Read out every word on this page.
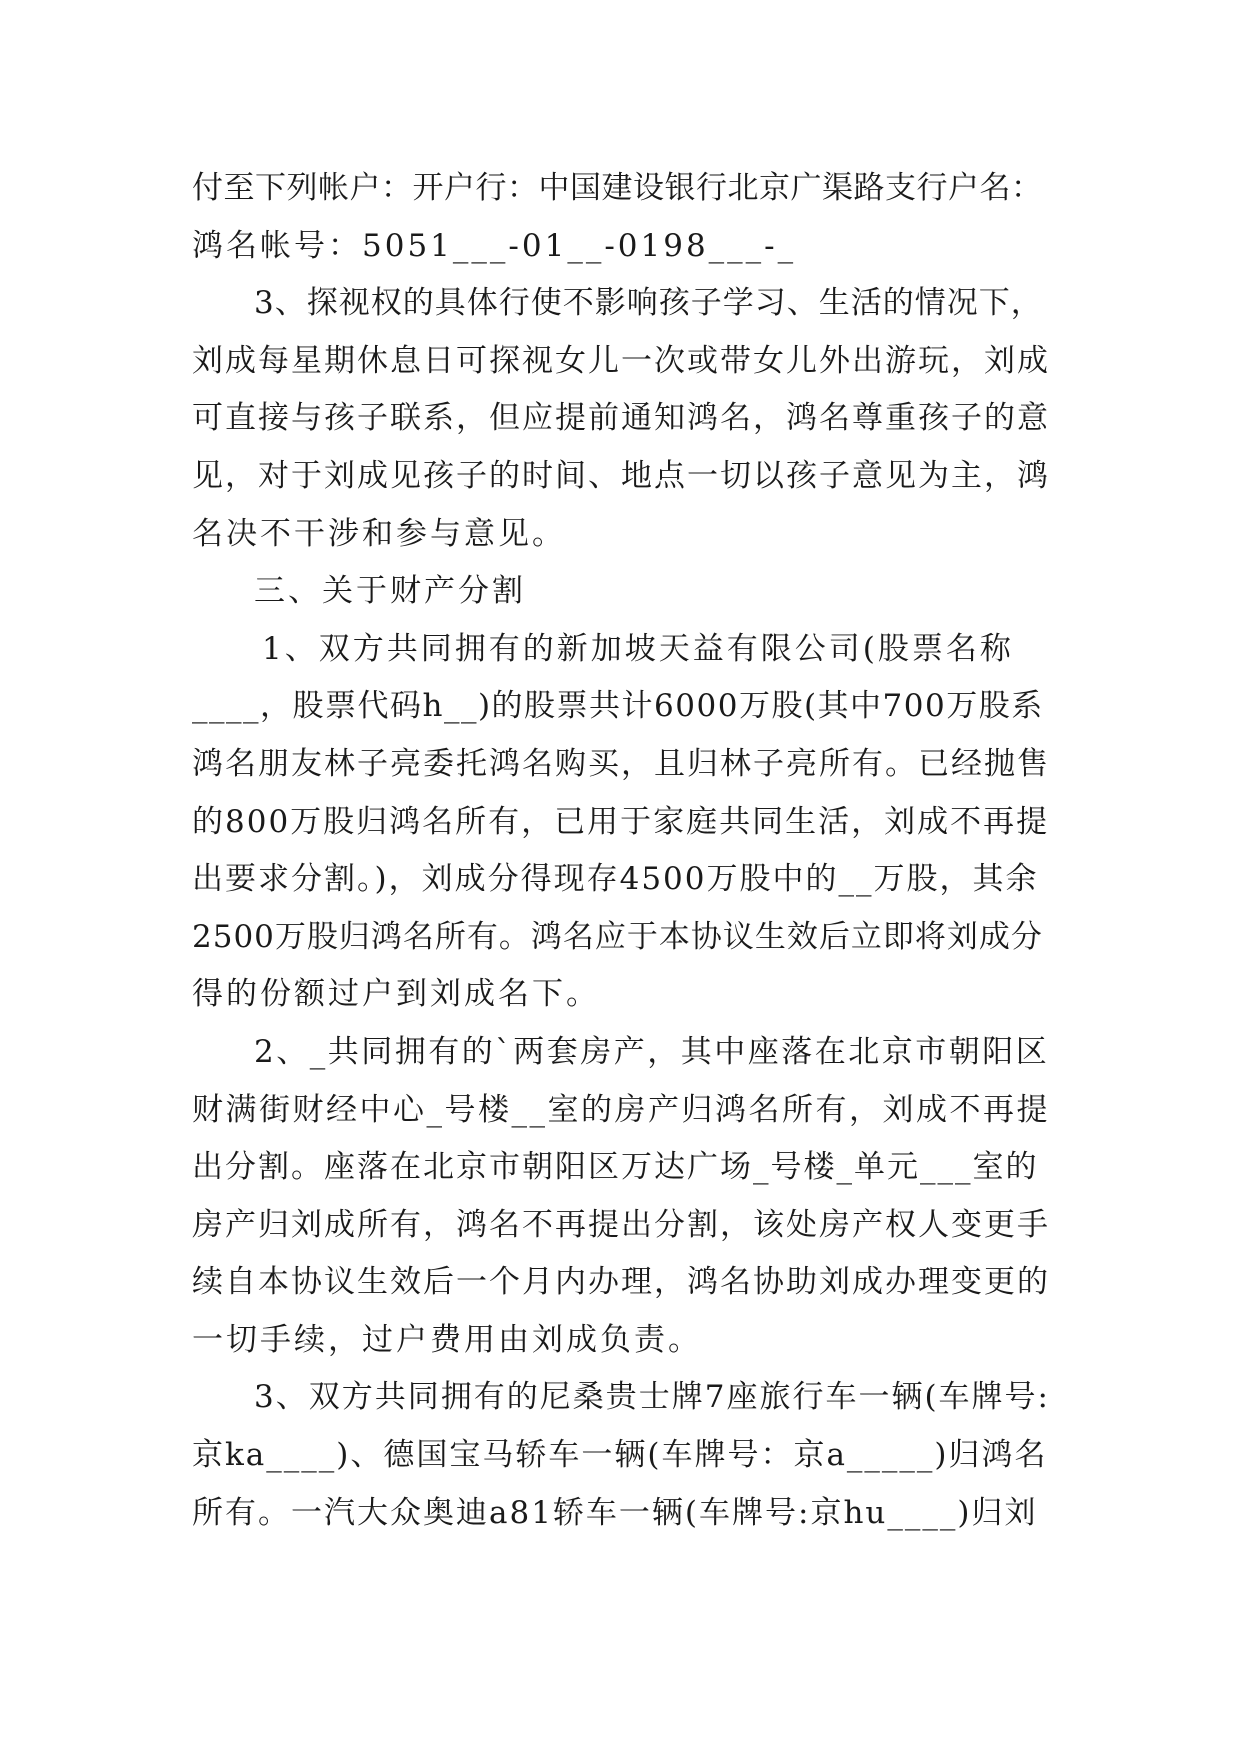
付至下列帐户：开户行：中国建设银行北京广渠路支行户名：
鸿名帐号：5051___-01__-0198___-_
3、探视权的具体行使不影响孩子学习、生活的情况下，
刘成每星期休息日可探视女儿一次或带女儿外出游玩，刘成
可直接与孩子联系，但应提前通知鸿名，鸿名尊重孩子的意
见，对于刘成见孩子的时间、地点一切以孩子意见为主，鸿
名决不干涉和参与意见。
三、关于财产分割
1、双方共同拥有的新加坡天益有限公司(股票名称
____，股票代码h__)的股票共计6000万股(其中700万股系
鸿名朋友林子亮委托鸿名购买，且归林子亮所有。已经抛售
的800万股归鸿名所有，已用于家庭共同生活，刘成不再提
出要求分割。)，刘成分得现存4500万股中的__万股，其余
2500万股归鸿名所有。鸿名应于本协议生效后立即将刘成分
得的份额过户到刘成名下。
2、_共同拥有的`两套房产，其中座落在北京市朝阳区
财满街财经中心_号楼__室的房产归鸿名所有，刘成不再提
出分割。座落在北京市朝阳区万达广场_号楼_单元___室的
房产归刘成所有，鸿名不再提出分割，该处房产权人变更手
续自本协议生效后一个月内办理，鸿名协助刘成办理变更的
一切手续，过户费用由刘成负责。
3、双方共同拥有的尼桑贵士牌7座旅行车一辆(车牌号:
京ka____)、德国宝马轿车一辆(车牌号：京a_____)归鸿名
所有。一汽大众奥迪a81轿车一辆(车牌号:京hu____)归刘
